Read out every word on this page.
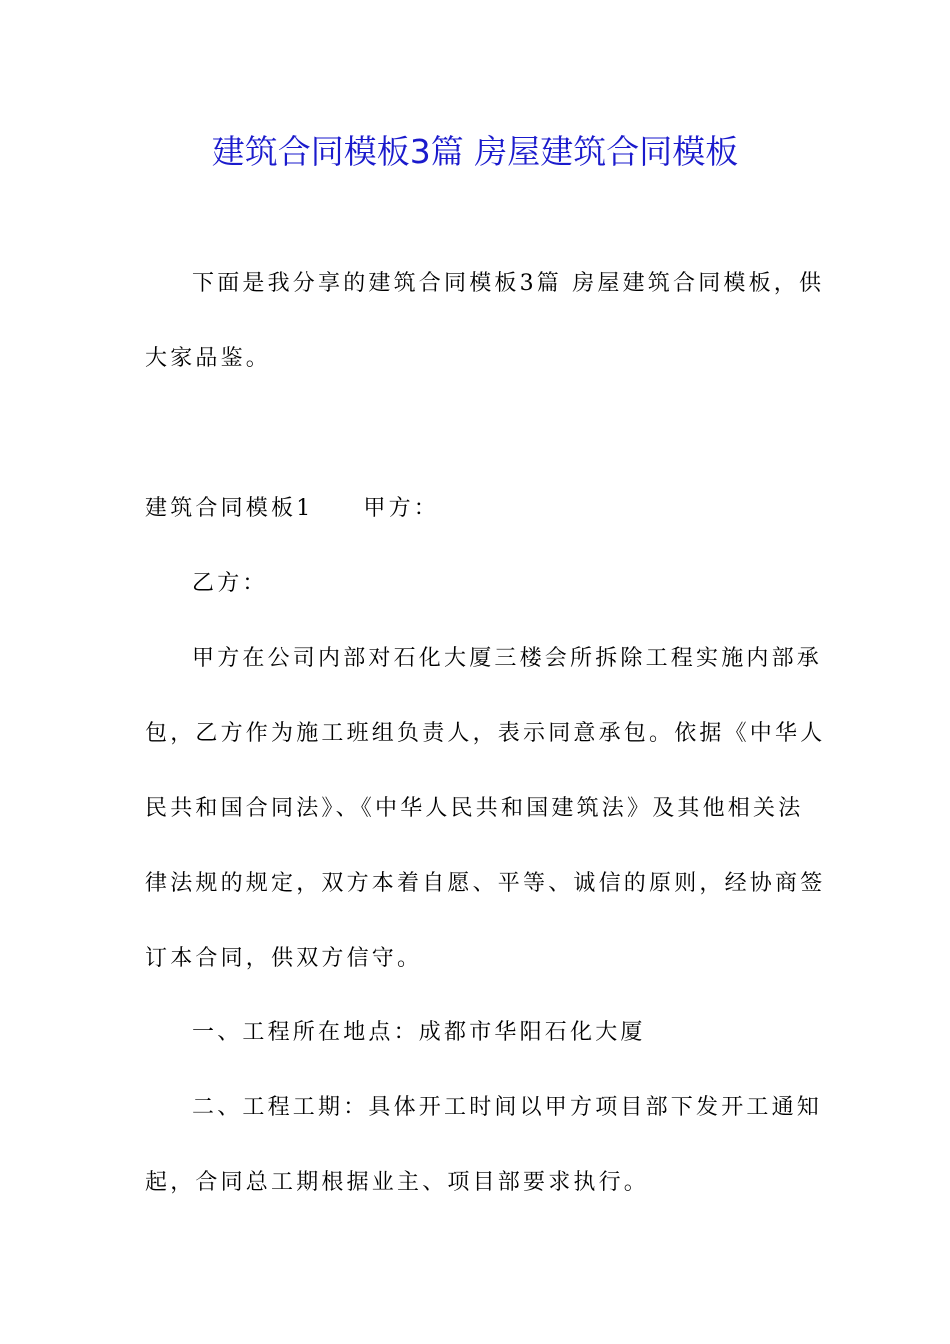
建筑合同模板3篇 房屋建筑合同模板
下面是我分享的建筑合同模板3篇 房屋建筑合同模板，供
大家品鉴。
建筑合同模板1 甲方：
乙方：
甲方在公司内部对石化大厦三楼会所拆除工程实施内部承
包，乙方作为施工班组负责人，表示同意承包。依据《中华人
民共和国合同法》、《中华人民共和国建筑法》及其他相关法
律法规的规定，双方本着自愿、平等、诚信的原则，经协商签
订本合同，供双方信守。
一、工程所在地点：成都市华阳石化大厦
二、工程工期：具体开工时间以甲方项目部下发开工通知
起，合同总工期根据业主、项目部要求执行。
